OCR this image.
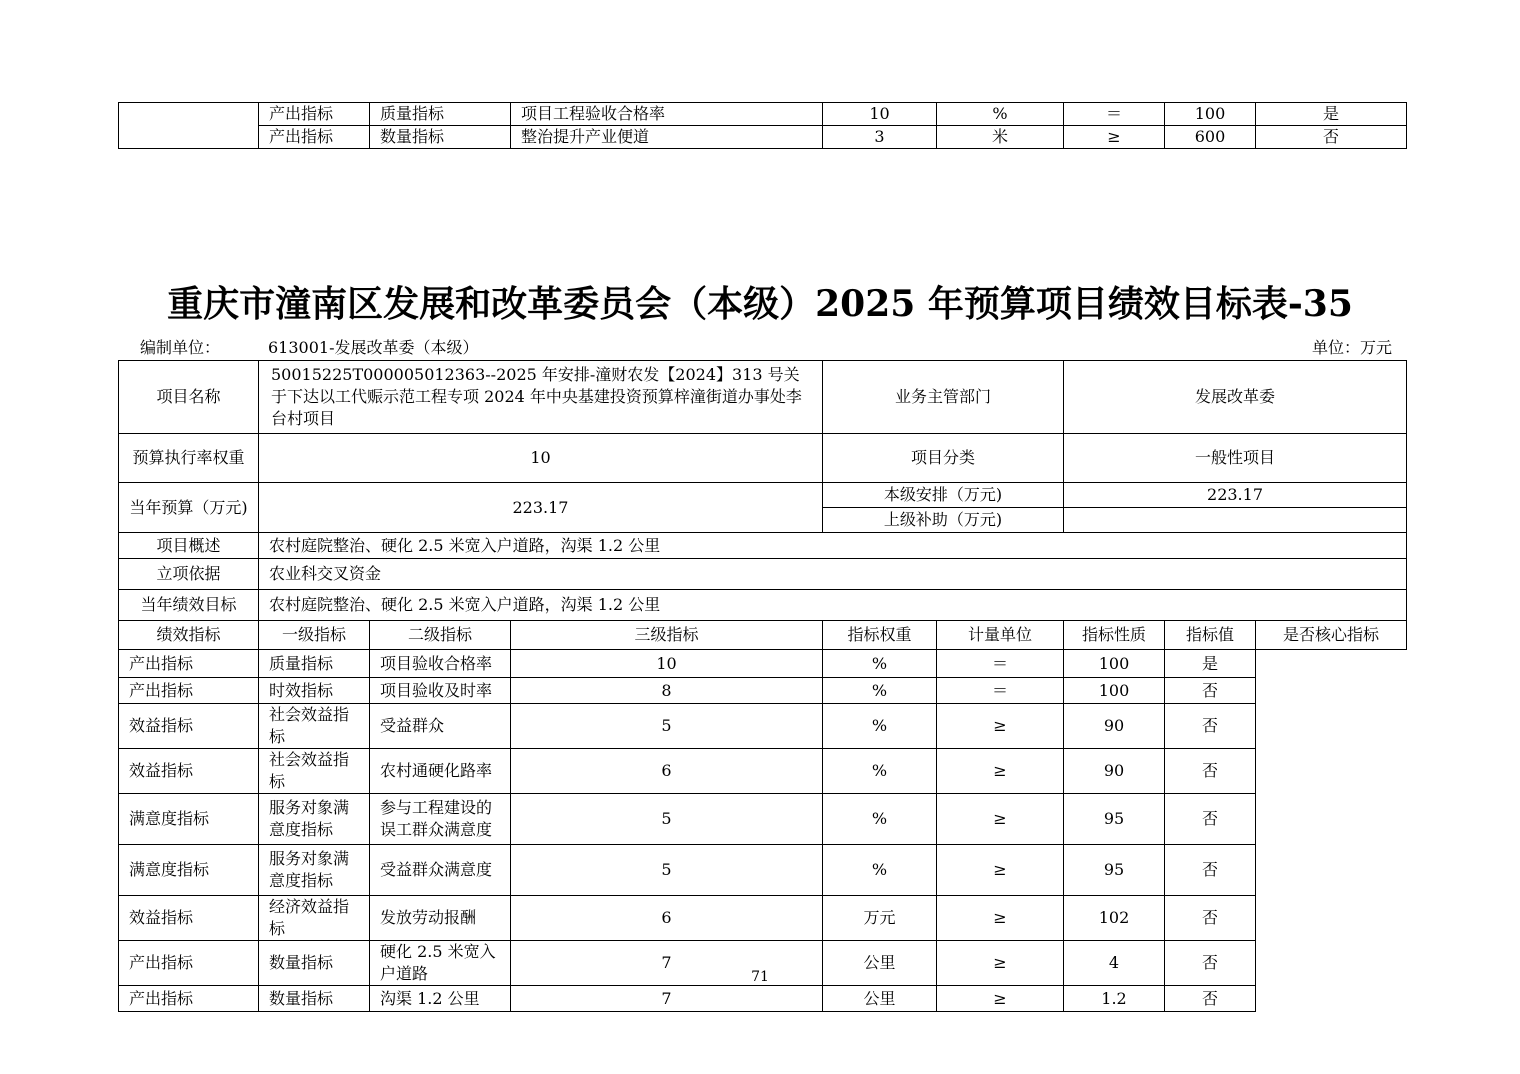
	产出指标	质量指标	项目工程验收合格率	10	%	＝	100	是
	产出指标	数量指标	整治提升产业便道	3	米	≥	600	否
重庆市潼南区发展和改革委员会（本级）2025 年预算项目绩效目标表-35
编制单位：	613001-发展改革委（本级）	单位：万元
项目名称	50015225T000005012363--2025 年安排-潼财农发【2024】313 号关于下达以工代赈示范工程专项 2024 年中央基建投资预算梓潼街道办事处李台村项目			业务主管部门		发展改革委		
预算执行率权重	10			项目分类		一般性项目		
当年预算（万元)	223.17			本级安排（万元)		223.17		
				上级补助（万元)				
项目概述	农村庭院整治、硬化 2.5 米宽入户道路，沟渠 1.2 公里							
立项依据	农业科交叉资金							
当年绩效目标	农村庭院整治、硬化 2.5 米宽入户道路，沟渠 1.2 公里							
绩效指标	一级指标	二级指标	三级指标	指标权重	计量单位	指标性质	指标值	是否核心指标
产出指标	质量指标	项目验收合格率	10	%	＝	100	是	
产出指标	时效指标	项目验收及时率	8	%	＝	100	否	
效益指标	社会效益指标	受益群众	5	%	≥	90	否	
效益指标	社会效益指标	农村通硬化路率	6	%	≥	90	否	
满意度指标	服务对象满意度指标	参与工程建设的误工群众满意度	5	%	≥	95	否	
满意度指标	服务对象满意度指标	受益群众满意度	5	%	≥	95	否	
效益指标	经济效益指标	发放劳动报酬	6	万元	≥	102	否	
产出指标	数量指标	硬化 2.5 米宽入户道路	7	公里	≥	4	否	
产出指标	数量指标	沟渠 1.2 公里	7	公里	≥	1.2	否	
71
